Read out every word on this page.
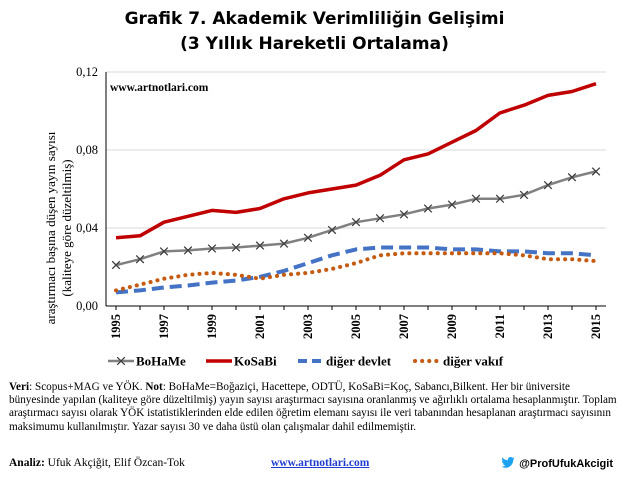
Grafik 7. Akademik Verimliliğin Gelişimi
(3 Yıllık Hareketli Ortalama)
0,00
0,04
0,08
0,12
1995	1997	1999	2001	2003	2005	2007	2009	2011	2013	2015
www.artnotlari.com
araştırmacı başına düşen yayın sayısı (kaliteye göre düzeltilmiş)
BoHaMe	KoSaBi	diğer devlet	diğer vakıf
Veri: Scopus+MAG ve YÖK. Not: BoHaMe=Boğaziçi, Hacettepe, ODTÜ, KoSaBi=Koç, Sabancı,Bilkent. Her bir üniversite bünyesinde yapılan (kaliteye göre düzeltilmiş) yayın sayısı araştırmacı sayısına oranlanmış ve ağırlıklı ortalama hesaplanmıştır. Toplam araştırmacı sayısı olarak YÖK istatistiklerinden elde edilen öğretim elemanı sayısı ile veri tabanından hesaplanan araştırmacı sayısının maksimumu kullanılmıştır. Yazar sayısı 30 ve daha üstü olan çalışmalar dahil edilmemiştir.
Analiz: Ufuk Akçiğit, Elif Özcan-Tok	www.artnotlari.com	@ProfUfukAkcigit
